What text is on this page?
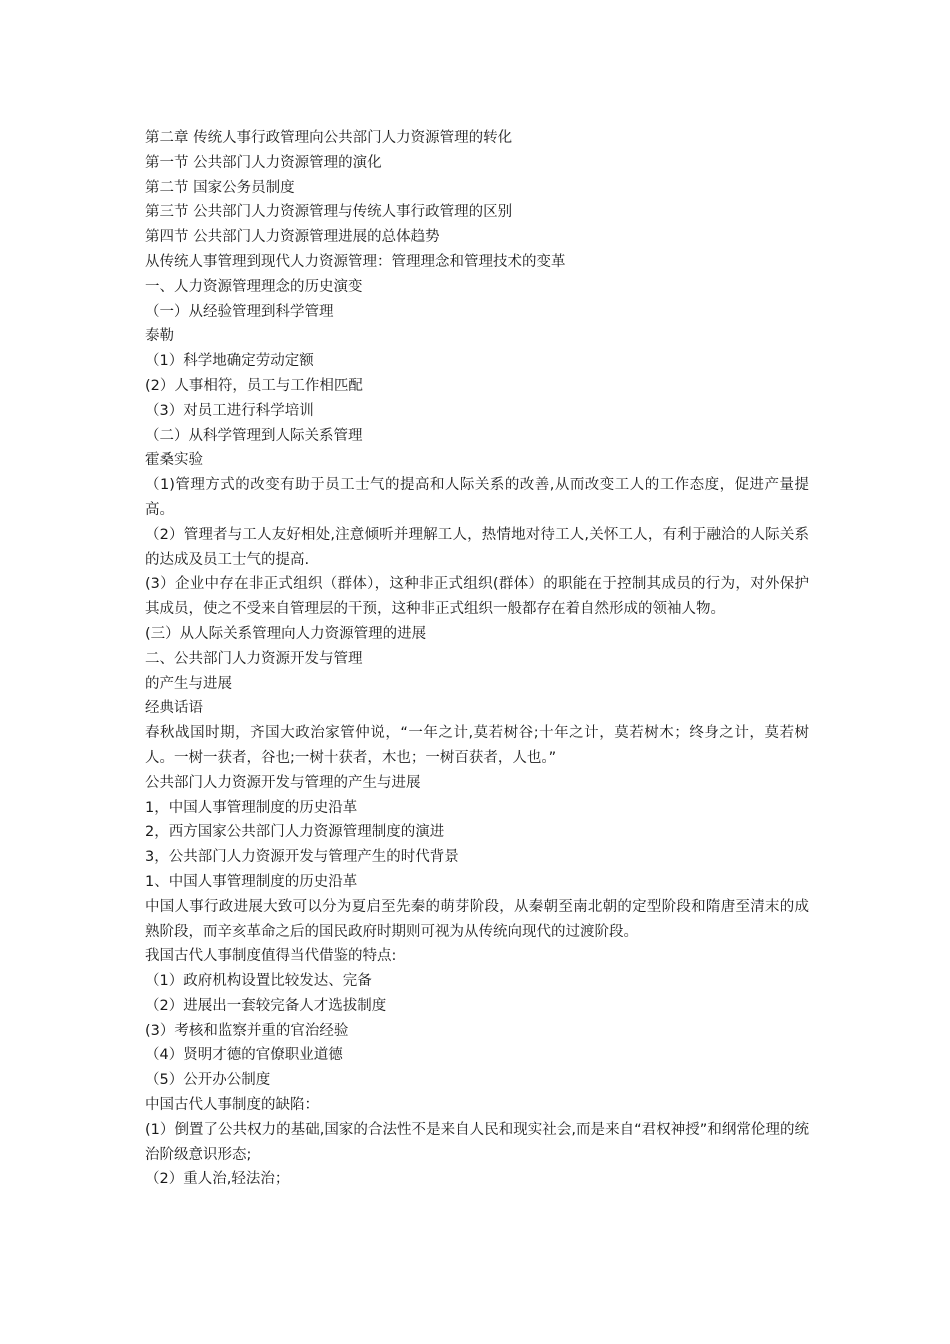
第二章 传统人事行政管理向公共部门人力资源管理的转化
第一节 公共部门人力资源管理的演化
第二节 国家公务员制度
第三节 公共部门人力资源管理与传统人事行政管理的区别
第四节 公共部门人力资源管理进展的总体趋势
从传统人事管理到现代人力资源管理：管理理念和管理技术的变革
一、人力资源管理理念的历史演变
（一）从经验管理到科学管理
泰勒
（1）科学地确定劳动定额
(2）人事相符，员工与工作相匹配
（3）对员工进行科学培训
（二）从科学管理到人际关系管理
霍桑实验

（1)管理方式的改变有助于员工士气的提高和人际关系的改善,从而改变工人的工作态度，促进产量提高。

（2）管理者与工人友好相处,注意倾听并理解工人，热情地对待工人,关怀工人，有利于融洽的人际关系的达成及员工士气的提高.

(3）企业中存在非正式组织（群体），这种非正式组织(群体）的职能在于控制其成员的行为，对外保护其成员，使之不受来自管理层的干预，这种非正式组织一般都存在着自然形成的领袖人物。

(三）从人际关系管理向人力资源管理的进展
二、公共部门人力资源开发与管理
的产生与进展
经典话语

春秋战国时期，齐国大政治家管仲说，“一年之计,莫若树谷;十年之计，莫若树木；终身之计，莫若树人。一树一获者，谷也;一树十获者，木也；一树百获者，人也。”

公共部门人力资源开发与管理的产生与进展
1，中国人事管理制度的历史沿革
2，西方国家公共部门人力资源管理制度的演进
3，公共部门人力资源开发与管理产生的时代背景
1、中国人事管理制度的历史沿革

中国人事行政进展大致可以分为夏启至先秦的萌芽阶段，从秦朝至南北朝的定型阶段和隋唐至清末的成熟阶段，而辛亥革命之后的国民政府时期则可视为从传统向现代的过渡阶段。

我国古代人事制度值得当代借鉴的特点:
（1）政府机构设置比较发达、完备
（2）进展出一套较完备人才选拔制度
(3）考核和监察并重的官治经验
（4）贤明才德的官僚职业道德
（5）公开办公制度
中国古代人事制度的缺陷：

(1）倒置了公共权力的基础,国家的合法性不是来自人民和现实社会,而是来自“君权神授”和纲常伦理的统治阶级意识形态;

（2）重人治,轻法治；
